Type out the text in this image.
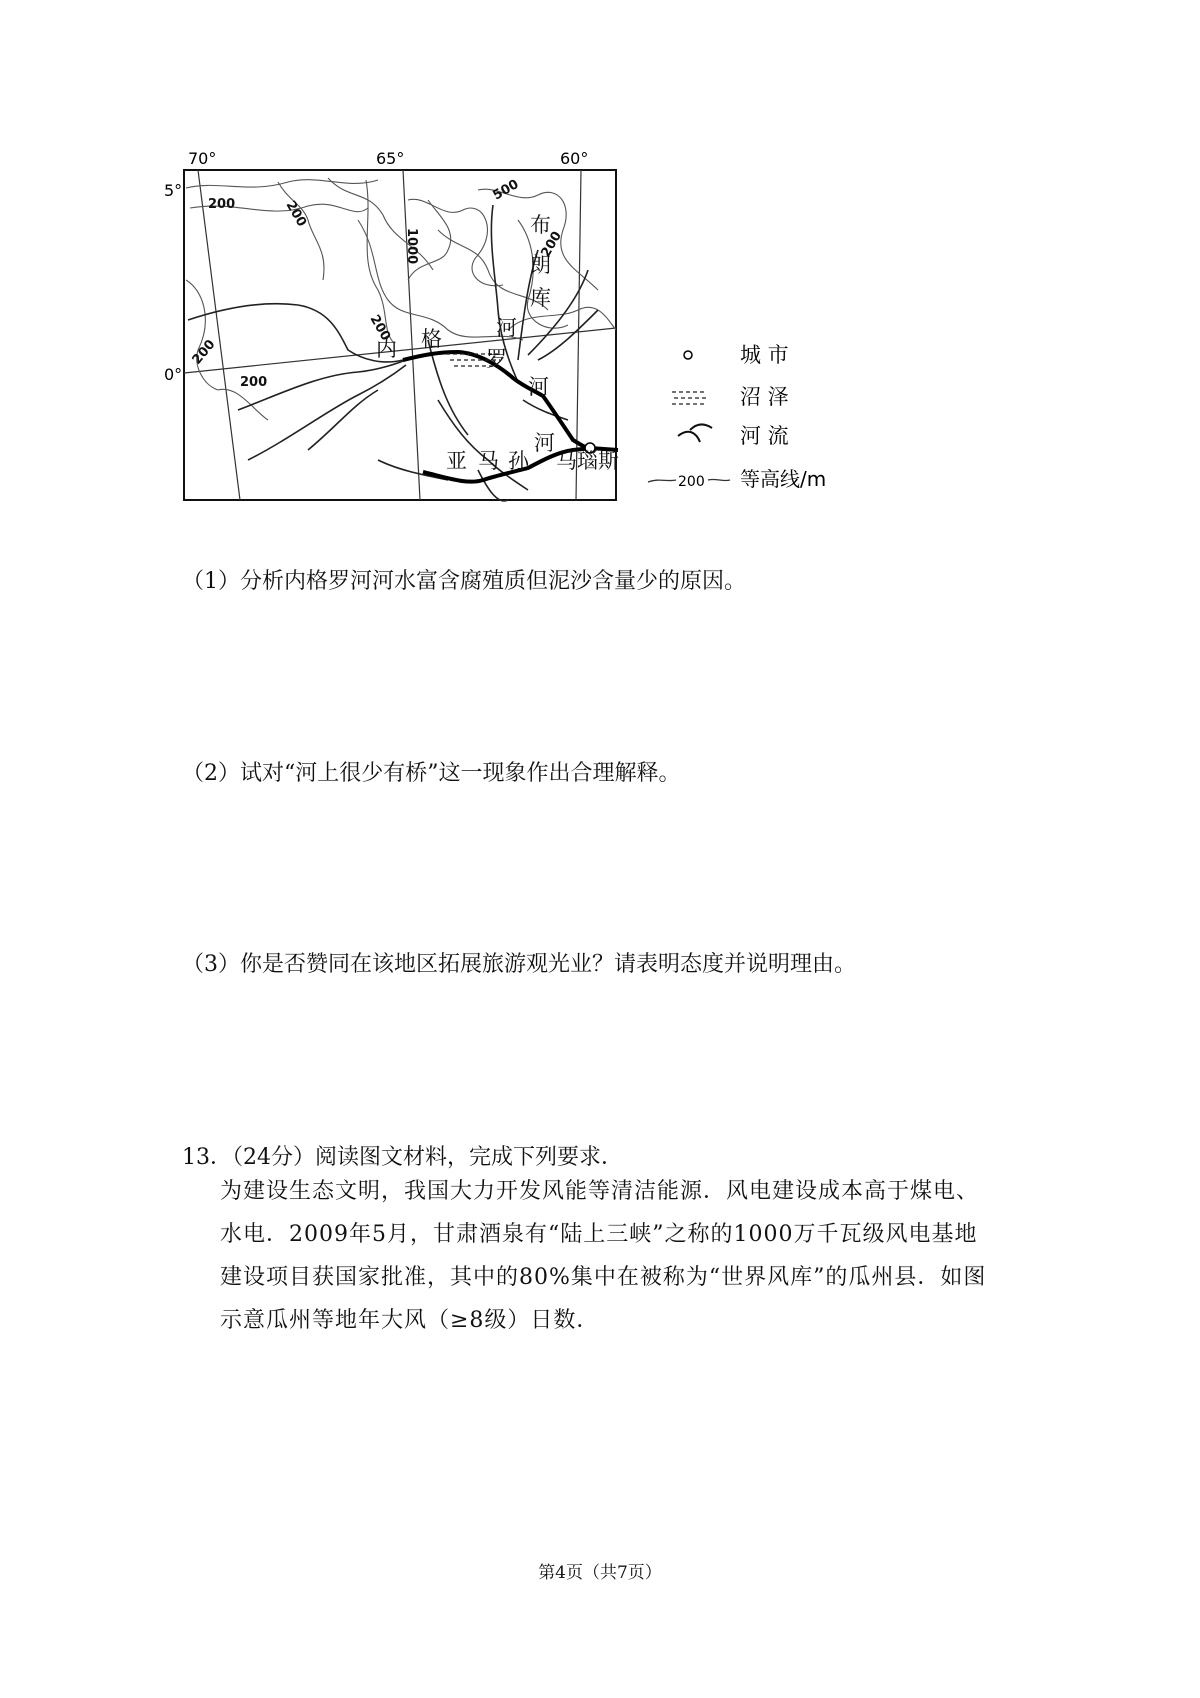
70°	65°	60°
5°
0°
200	200
200
1000
500
200
200
200
布
朗
库
河
内 格
罗
河
亚 马 孙
河
马瑙斯
城 市
沼 泽
河 流
200 等高线/m
（1）分析内格罗河河水富含腐殖质但泥沙含量少的原因。
（2）试对“河上很少有桥”这一现象作出合理解释。
（3）你是否赞同在该地区拓展旅游观光业？请表明态度并说明理由。
13．（24分）阅读图文材料，完成下列要求．
为建设生态文明，我国大力开发风能等清洁能源．风电建设成本高于煤电、
水电．2009年5月，甘肃酒泉有“陆上三峡”之称的1000万千瓦级风电基地
建设项目获国家批准，其中的80%集中在被称为“世界风库”的瓜州县．如图
示意瓜州等地年大风（≥8级）日数．
第4页（共7页）
